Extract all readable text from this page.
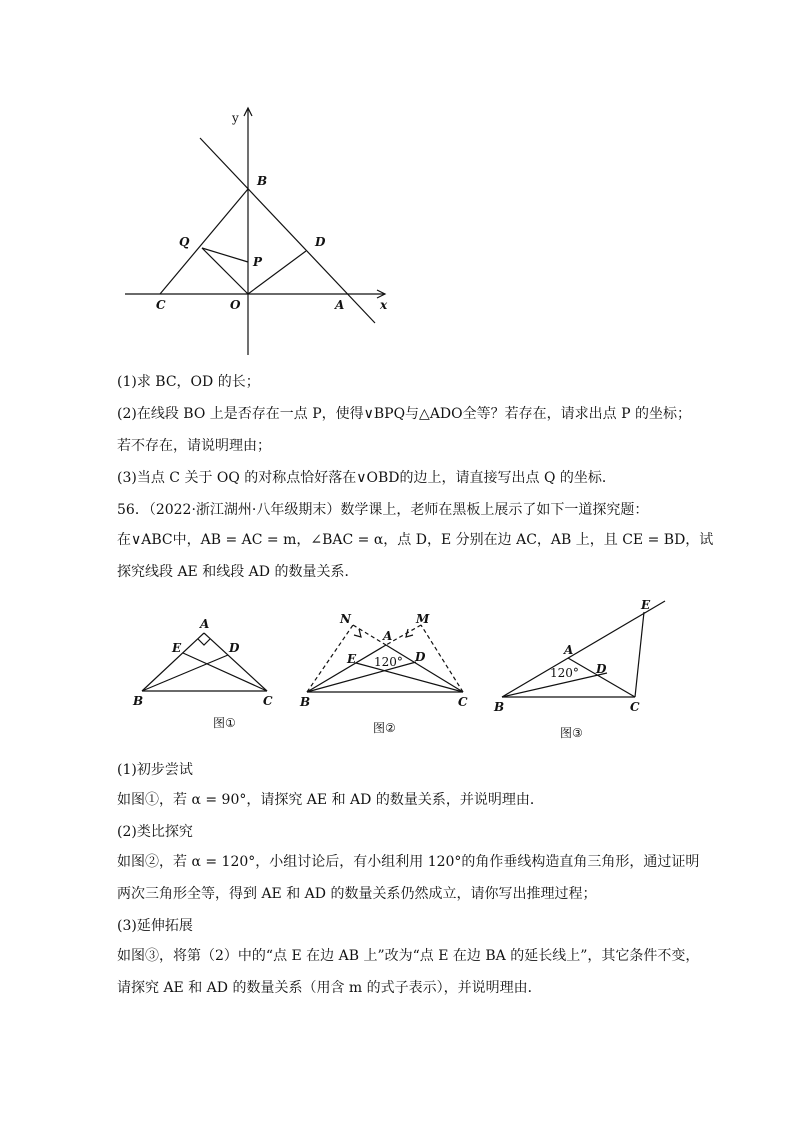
y
x
B
Q	D
P
C	O	A
(1)求 BC，OD 的长；
(2)在线段 BO 上是否存在一点 P，使得∨BPQ与△ADO全等？若存在，请求出点 P 的坐标；
若不存在，请说明理由；
(3)当点 C 关于 OQ 的对称点恰好落在∨OBD的边上，请直接写出点 Q 的坐标．
56．（2022·浙江湖州·八年级期末）数学课上，老师在黑板上展示了如下一道探究题：
在∨ABC中，AB = AC = m，∠BAC = α，点 D，E 分别在边 AC，AB 上，且 CE = BD，试
探究线段 AE 和线段 AD 的数量关系．
A
E	D
B	C
图①
N	M
A
E	D
120°
B	C
图②
E
A
D
120°
B	C
图③
(1)初步尝试
如图①，若 α = 90°，请探究 AE 和 AD 的数量关系，并说明理由．
(2)类比探究
如图②，若 α = 120°，小组讨论后，有小组利用 120°的角作垂线构造直角三角形，通过证明
两次三角形全等，得到 AE 和 AD 的数量关系仍然成立，请你写出推理过程；
(3)延伸拓展
如图③，将第（2）中的“点 E 在边 AB 上”改为“点 E 在边 BA 的延长线上”，其它条件不变，
请探究 AE 和 AD 的数量关系（用含 m 的式子表示），并说明理由．
